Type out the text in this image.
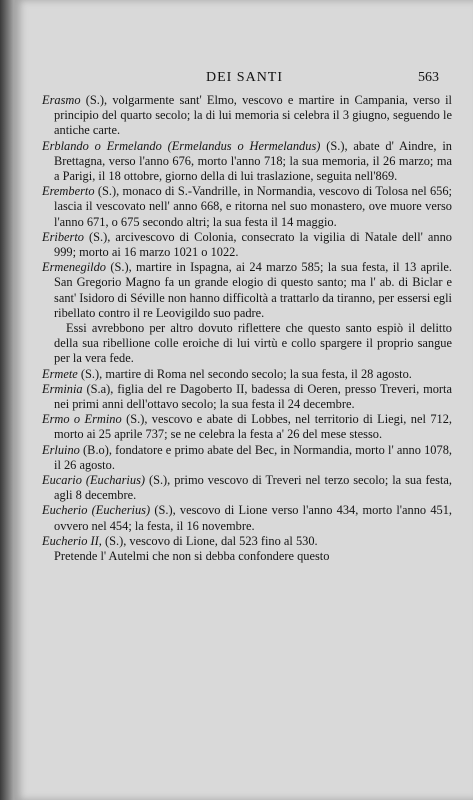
DEI SANTI	563
Erasmo (S.), volgarmente sant' Elmo, vescovo e martire in Campania, verso il principio del quarto secolo; la di lui memoria si celebra il 3 giugno, seguendo le antiche carte.
Erblando o Ermelando (Ermelandus o Hermelandus) (S.), abate d' Aindre, in Brettagna, verso l'anno 676, morto l'anno 718; la sua memoria, il 26 marzo; ma a Parigi, il 18 ottobre, giorno della di lui traslazione, seguita nell'869.
Eremberto (S.), monaco di S.-Vandrille, in Normandia, vescovo di Tolosa nel 656; lascia il vescovato nell' anno 668, e ritorna nel suo monastero, ove muore verso l'anno 671, o 675 secondo altri; la sua festa il 14 maggio.
Eriberto (S.), arcivescovo di Colonia, consecrato la vigilia di Natale dell' anno 999; morto ai 16 marzo 1021 o 1022.
Ermenegildo (S.), martire in Ispagna, ai 24 marzo 585; la sua festa, il 13 aprile. San Gregorio Magno fa un grande elogio di questo santo; ma l' ab. di Biclar e sant' Isidoro di Séville non hanno difficoltà a trattarlo da tiranno, per essersi egli ribellato contro il re Leovigildo suo padre.
Essi avrebbono per altro dovuto riflettere che questo santo espiò il delitto della sua ribellione colle eroiche di lui virtù e collo spargere il proprio sangue per la vera fede.
Ermete (S.), martire di Roma nel secondo secolo; la sua festa, il 28 agosto.
Erminia (S.a), figlia del re Dagoberto II, badessa di Oeren, presso Treveri, morta nei primi anni dell'ottavo secolo; la sua festa il 24 decembre.
Ermo o Ermino (S.), vescovo e abate di Lobbes, nel territorio di Liegi, nel 712, morto ai 25 aprile 737; se ne celebra la festa a' 26 del mese stesso.
Erluino (B.o), fondatore e primo abate del Bec, in Normandia, morto l' anno 1078, il 26 agosto.
Eucario (Eucharius) (S.), primo vescovo di Treveri nel terzo secolo; la sua festa, agli 8 decembre.
Eucherio (Eucherius) (S.), vescovo di Lione verso l'anno 434, morto l'anno 451, ovvero nel 454; la festa, il 16 novembre.
Eucherio II, (S.), vescovo di Lione, dal 523 fino al 530.
Pretende l' Autelmi che non si debba confondere questo
